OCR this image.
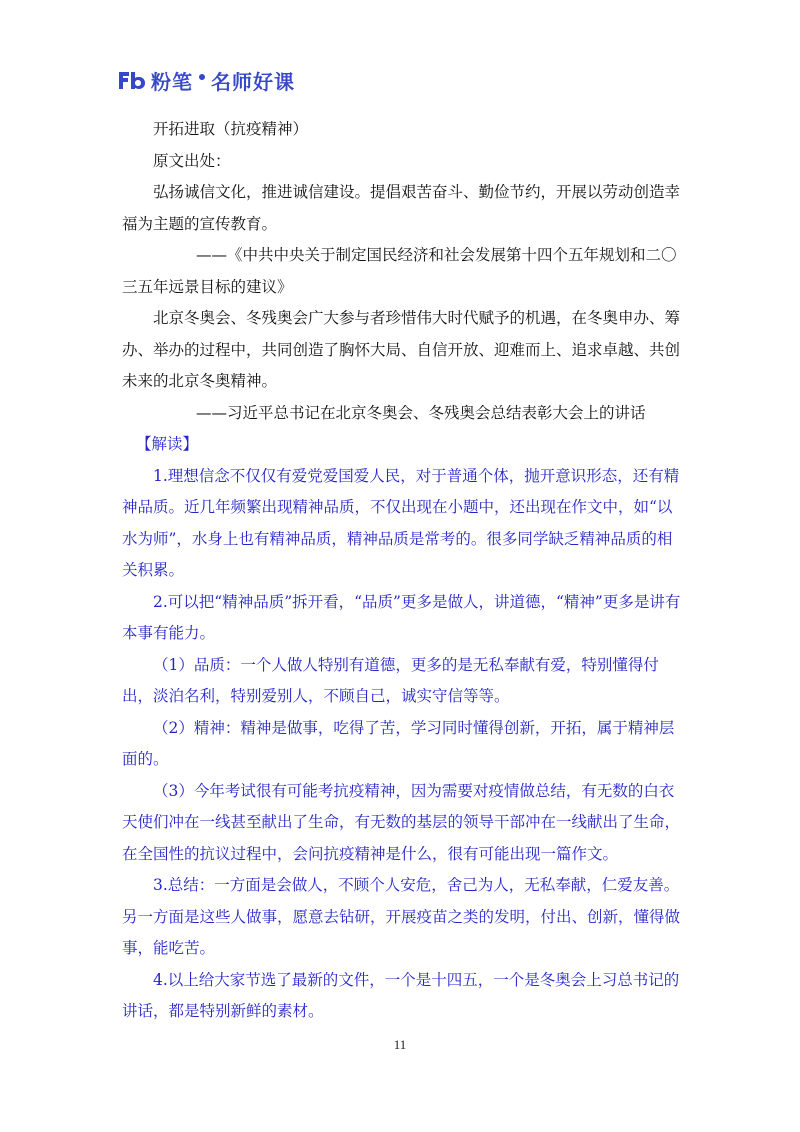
粉笔 名师好课

开拓进取（抗疫精神）

原文出处：

弘扬诚信文化，推进诚信建设。提倡艰苦奋斗、勤俭节约，开展以劳动创造幸福为主题的宣传教育。

——《中共中央关于制定国民经济和社会发展第十四个五年规划和二〇三五年远景目标的建议》

北京冬奥会、冬残奥会广大参与者珍惜伟大时代赋予的机遇，在冬奥申办、筹办、举办的过程中，共同创造了胸怀大局、自信开放、迎难而上、追求卓越、共创未来的北京冬奥精神。

——习近平总书记在北京冬奥会、冬残奥会总结表彰大会上的讲话

【解读】

1.理想信念不仅仅有爱党爱国爱人民，对于普通个体，抛开意识形态，还有精神品质。近几年频繁出现精神品质，不仅出现在小题中，还出现在作文中，如“以水为师”，水身上也有精神品质，精神品质是常考的。很多同学缺乏精神品质的相关积累。

2.可以把“精神品质”拆开看，“品质”更多是做人，讲道德，“精神”更多是讲有本事有能力。

（1）品质：一个人做人特别有道德，更多的是无私奉献有爱，特别懂得付出，淡泊名利，特别爱别人，不顾自己，诚实守信等等。

（2）精神：精神是做事，吃得了苦，学习同时懂得创新，开拓，属于精神层面的。

（3）今年考试很有可能考抗疫精神，因为需要对疫情做总结，有无数的白衣天使们冲在一线甚至献出了生命，有无数的基层的领导干部冲在一线献出了生命，在全国性的抗议过程中，会问抗疫精神是什么，很有可能出现一篇作文。

3.总结：一方面是会做人，不顾个人安危，舍己为人，无私奉献，仁爱友善。另一方面是这些人做事，愿意去钻研，开展疫苗之类的发明，付出、创新，懂得做事，能吃苦。

4.以上给大家节选了最新的文件，一个是十四五，一个是冬奥会上习总书记的讲话，都是特别新鲜的素材。

11
